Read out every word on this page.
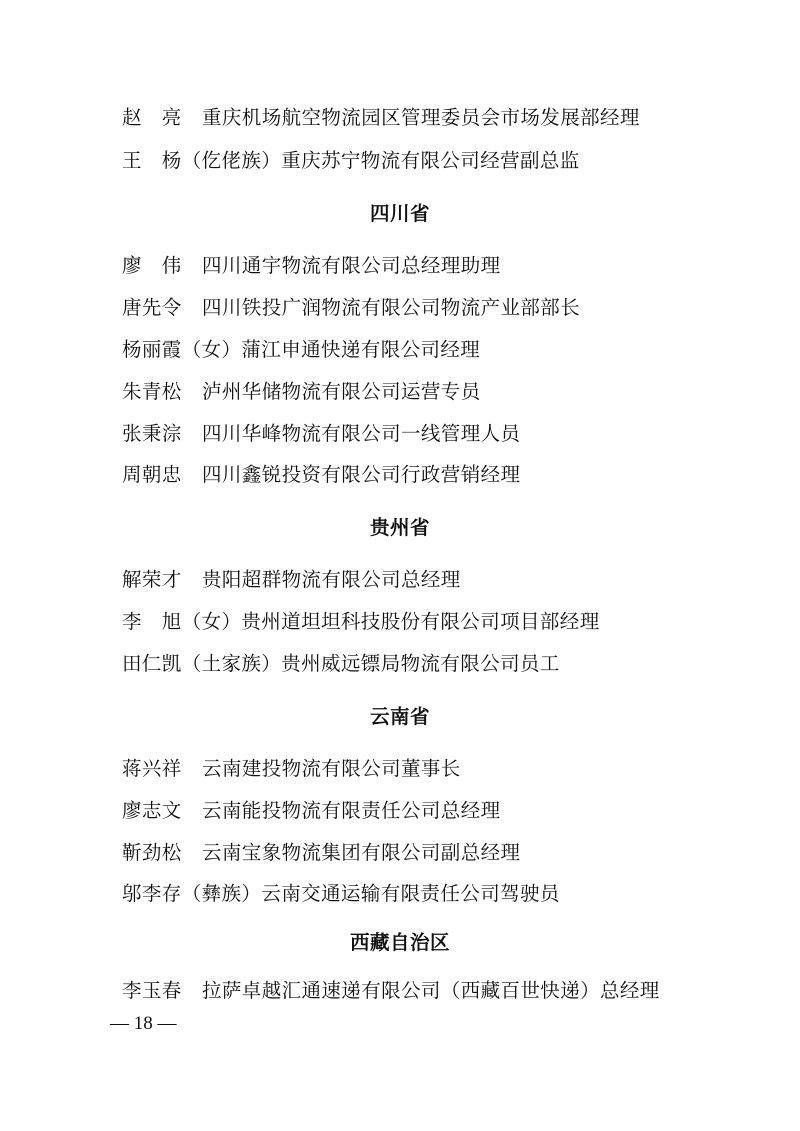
赵　亮 重庆机场航空物流园区管理委员会市场发展部经理
王　杨（仡佬族）重庆苏宁物流有限公司经营副总监
四川省
廖　伟 四川通宇物流有限公司总经理助理
唐先令 四川铁投广润物流有限公司物流产业部部长
杨丽霞（女）蒲江申通快递有限公司经理
朱青松 泸州华储物流有限公司运营专员
张秉淙 四川华峰物流有限公司一线管理人员
周朝忠 四川鑫锐投资有限公司行政营销经理
贵州省
解荣才 贵阳超群物流有限公司总经理
李　旭（女）贵州道坦坦科技股份有限公司项目部经理
田仁凯（土家族）贵州威远镖局物流有限公司员工
云南省
蒋兴祥 云南建投物流有限公司董事长
廖志文 云南能投物流有限责任公司总经理
靳劲松 云南宝象物流集团有限公司副总经理
邬李存（彝族）云南交通运输有限责任公司驾驶员
西藏自治区
李玉春 拉萨卓越汇通速递有限公司（西藏百世快递）总经理
— 18 —
